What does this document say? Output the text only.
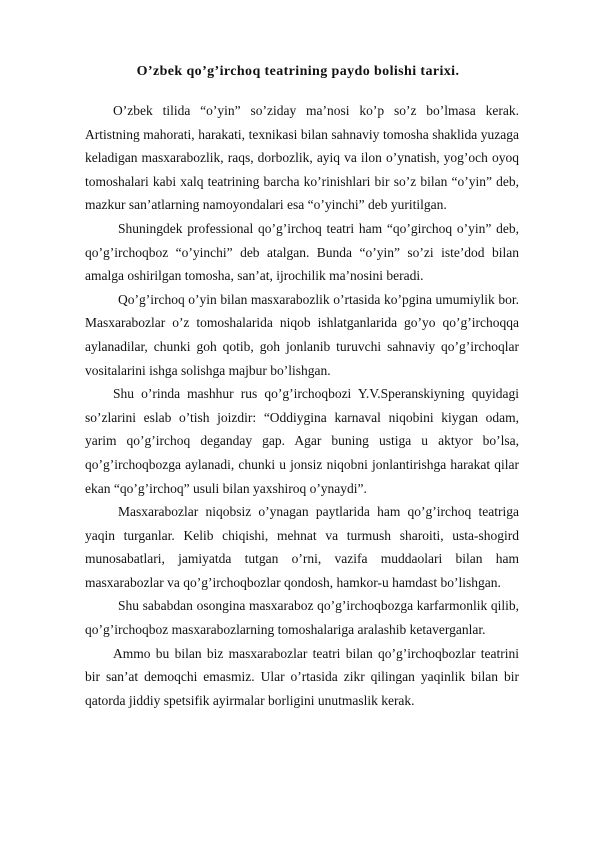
O’zbek qo’g’irchoq teatrining paydo bolishi tarixi.

O’zbek tilida “o’yin” so’ziday ma’nosi ko’p so’z bo’lmasa kerak. Artistning mahorati, harakati, texnikasi bilan sahnaviy tomosha shaklida yuzaga keladigan masxarabozlik, raqs, dorbozlik, ayiq va ilon o’ynatish, yog’och oyoq tomoshalari kabi xalq teatrining barcha ko’rinishlari bir so’z bilan “o’yin” deb, mazkur san’atlarning namoyondalari esa “o’yinchi” deb yuritilgan.

Shuningdek professional qo’g’irchoq teatri ham “qo’girchoq o’yin” deb, qo’g’irchoqboz “o’yinchi” deb atalgan. Bunda “o’yin” so’zi iste’dod bilan amalga oshirilgan tomosha, san’at, ijrochilik ma’nosini beradi.

Qo’g’irchoq o’yin bilan masxarabozlik o’rtasida ko’pgina umumiylik bor. Masxarabozlar o’z tomoshalarida niqob ishlatganlarida go’yo qo’g’irchoqqa aylanadilar, chunki goh qotib, goh jonlanib turuvchi sahnaviy qo’g’irchoqlar vositalarini ishga solishga majbur bo’lishgan.

Shu o’rinda mashhur rus qo’g’irchoqbozi Y.V.Speranskiyning quyidagi so’zlarini eslab o’tish joizdir: “Oddiygina karnaval niqobini kiygan odam, yarim qo’g’irchoq deganday gap. Agar buning ustiga u aktyor bo’lsa, qo’g’irchoqbozga aylanadi, chunki u jonsiz niqobni jonlantirishga harakat qilar ekan “qo’g’irchoq” usuli bilan yaxshiroq o’ynaydi”.

Masxarabozlar niqobsiz o’ynagan paytlarida ham qo’g’irchoq teatriga yaqin turganlar. Kelib chiqishi, mehnat va turmush sharoiti, usta-shogird munosabatlari, jamiyatda tutgan o’rni, vazifa muddaolari bilan ham masxarabozlar va qo’g’irchoqbozlar qondosh, hamkor-u hamdast bo’lishgan.

Shu sababdan osongina masxaraboz qo’g’irchoqbozga karfarmonlik qilib, qo’g’irchoqboz masxarabozlarning tomoshalariga aralashib ketaverganlar.

Ammo bu bilan biz masxarabozlar teatri bilan qo’g’irchoqbozlar teatrini bir san’at demoqchi emasmiz. Ular o’rtasida zikr qilingan yaqinlik bilan bir qatorda jiddiy spetsifik ayirmalar borligini unutmaslik kerak.
